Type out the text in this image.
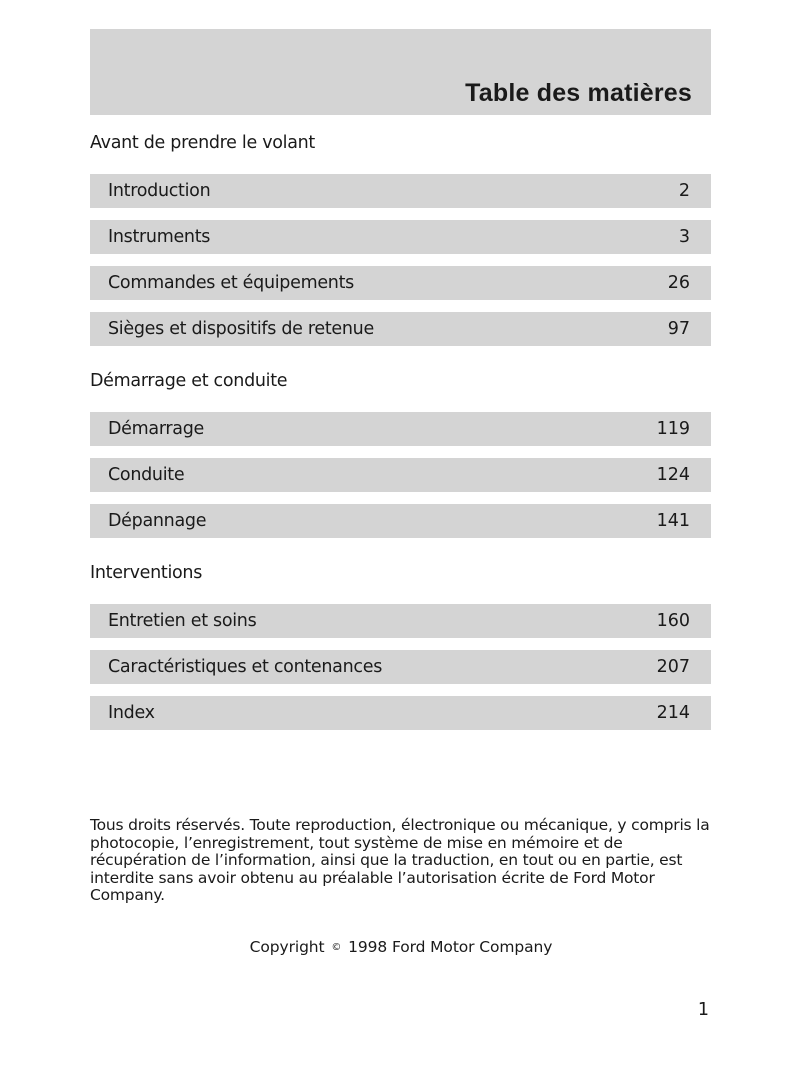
Table des matières
Avant de prendre le volant
Introduction	2
Instruments	3
Commandes et équipements	26
Sièges et dispositifs de retenue	97
Démarrage et conduite
Démarrage	119
Conduite	124
Dépannage	141
Interventions
Entretien et soins	160
Caractéristiques et contenances	207
Index	214
Tous droits réservés. Toute reproduction, électronique ou mécanique, y compris la photocopie, l’enregistrement, tout système de mise en mémoire et de récupération de l’information, ainsi que la traduction, en tout ou en partie, est interdite sans avoir obtenu au préalable l’autorisation écrite de Ford Motor Company.
Copyright © 1998 Ford Motor Company
1
